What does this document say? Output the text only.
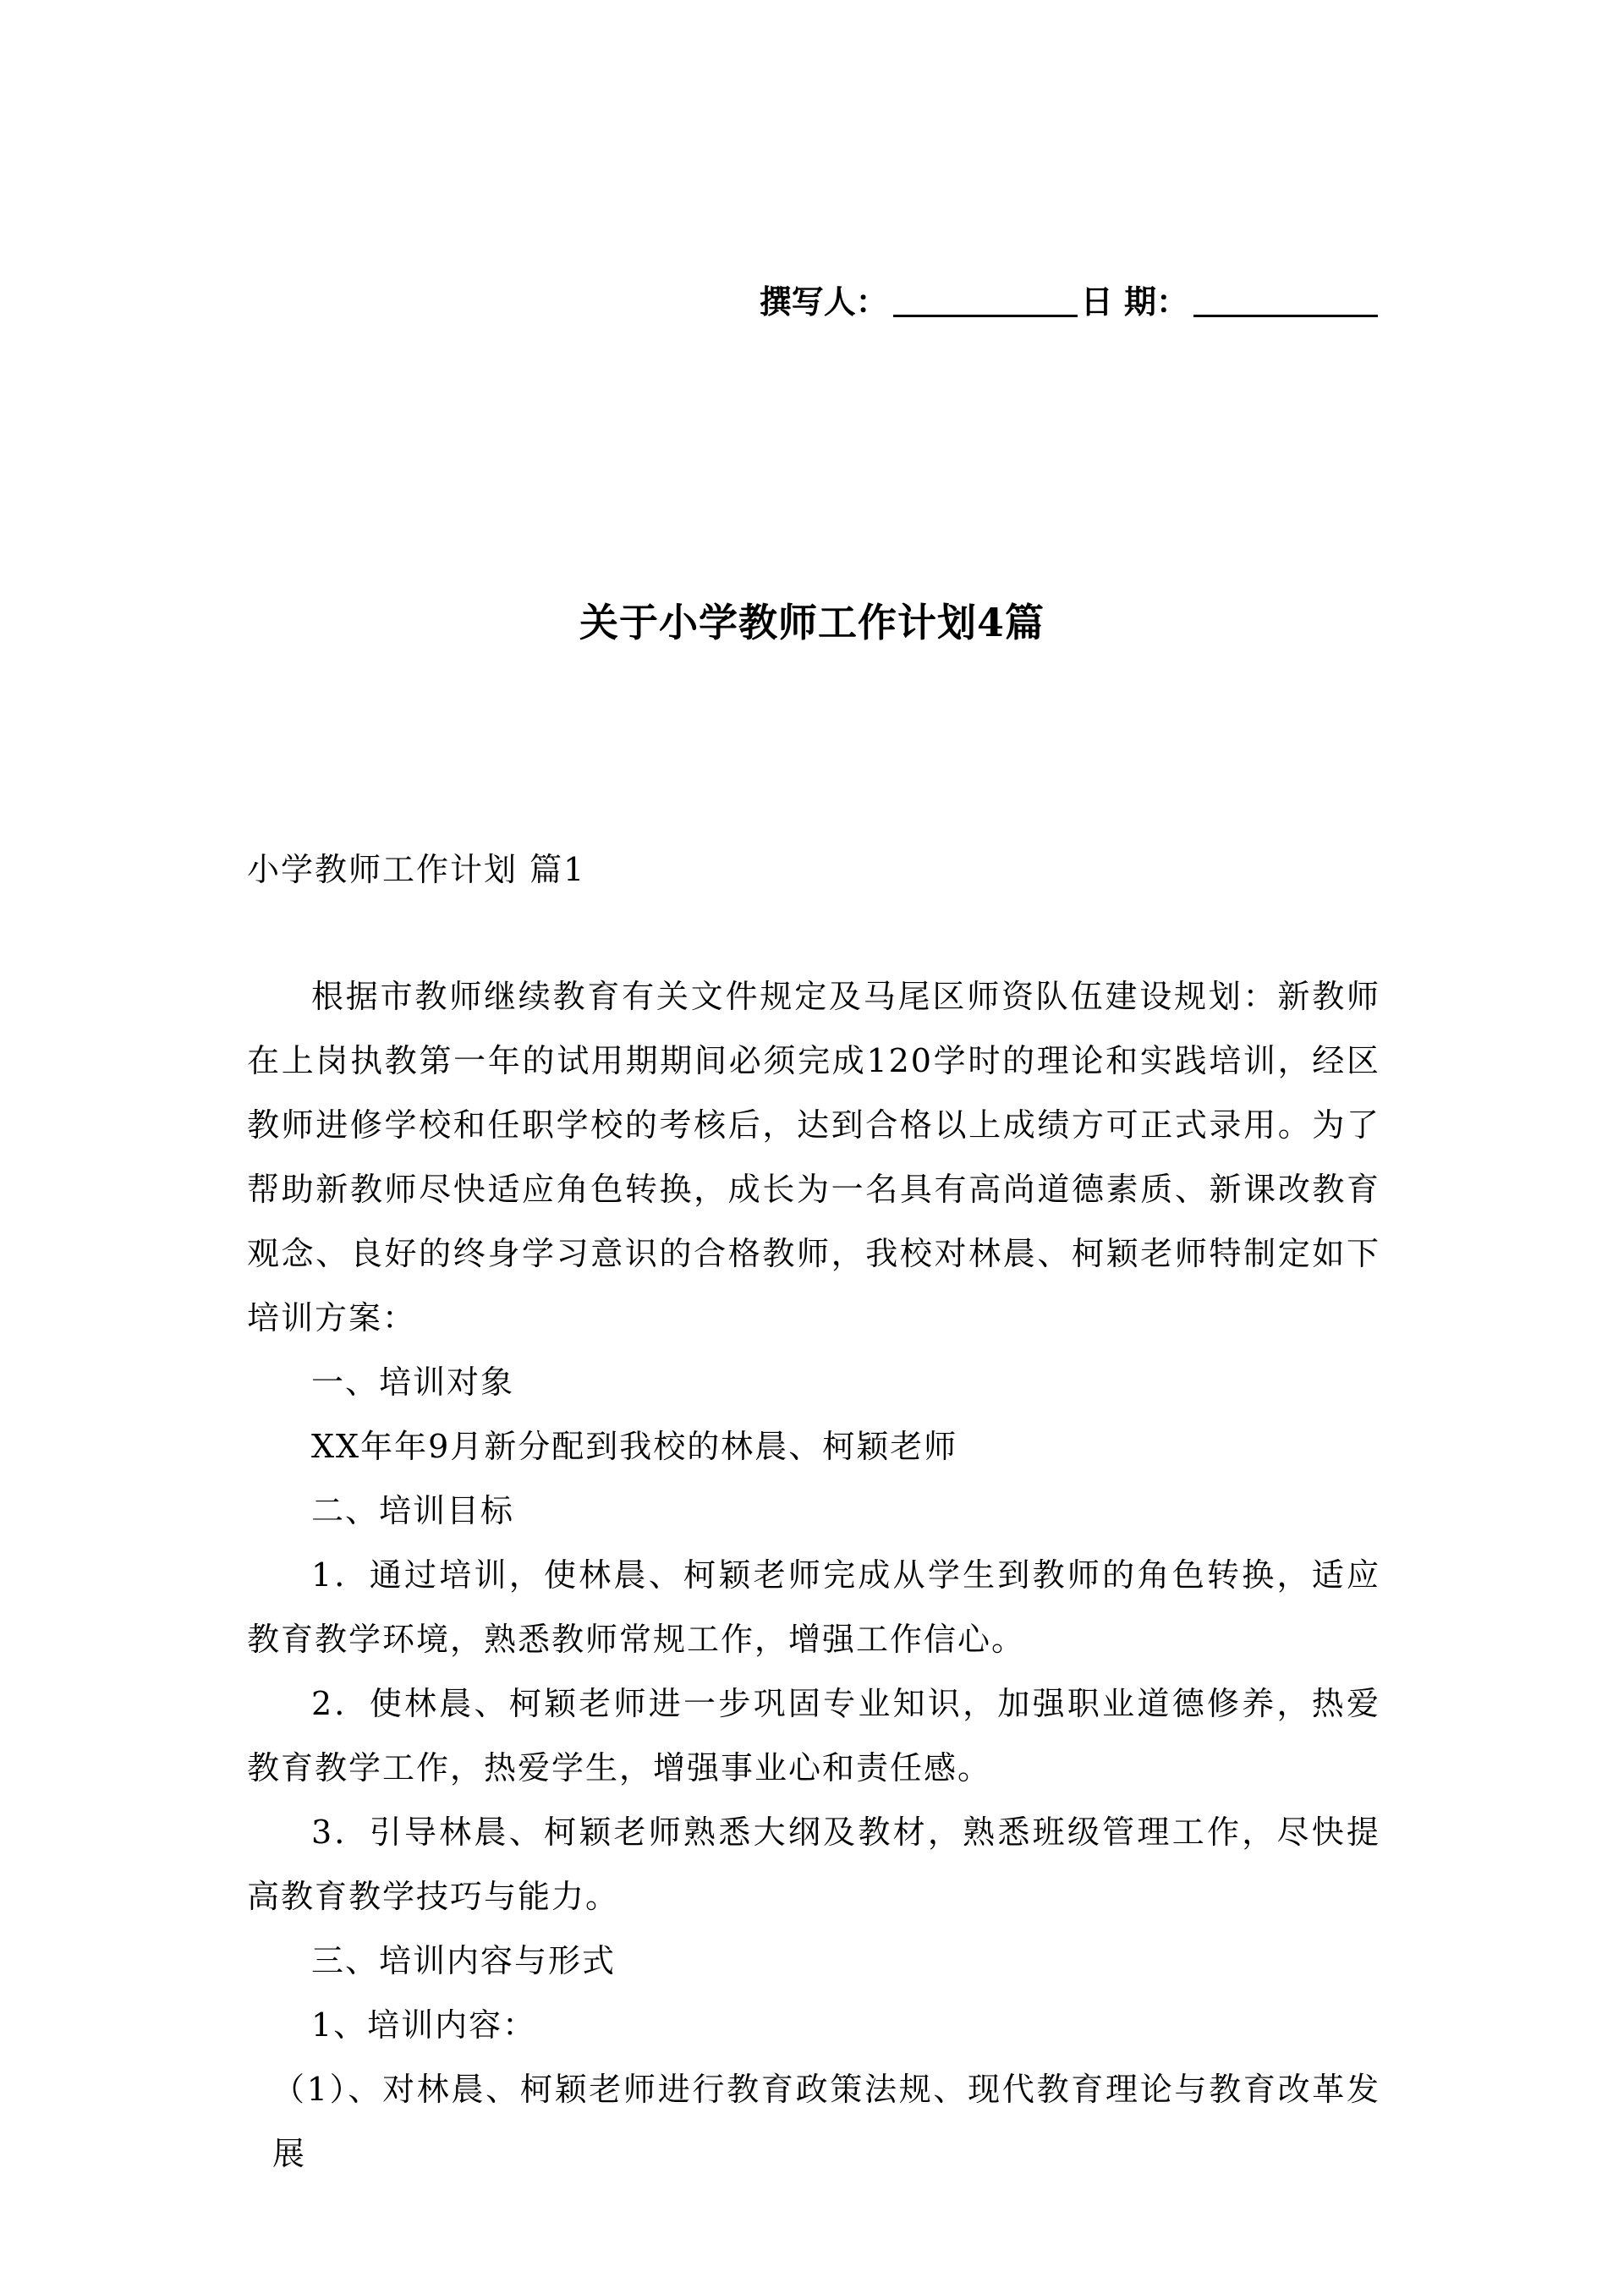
撰写人：	日 期：
关于小学教师工作计划4篇
小学教师工作计划 篇1

根据市教师继续教育有关文件规定及马尾区师资队伍建设规划：新教师在上岗执教第一年的试用期期间必须完成120学时的理论和实践培训，经区教师进修学校和任职学校的考核后，达到合格以上成绩方可正式录用。为了帮助新教师尽快适应角色转换，成长为一名具有高尚道德素质、新课改教育观念、良好的终身学习意识的合格教师，我校对林晨、柯颖老师特制定如下培训方案：

一、培训对象

XX年年9月新分配到我校的林晨、柯颖老师

二、培训目标

1．通过培训，使林晨、柯颖老师完成从学生到教师的角色转换，适应教育教学环境，熟悉教师常规工作，增强工作信心。

2．使林晨、柯颖老师进一步巩固专业知识，加强职业道德修养，热爱教育教学工作，热爱学生，增强事业心和责任感。

3．引导林晨、柯颖老师熟悉大纲及教材，熟悉班级管理工作，尽快提高教育教学技巧与能力。

三、培训内容与形式

1、培训内容：

（1）、对林晨、柯颖老师进行教育政策法规、现代教育理论与教育改革发展
